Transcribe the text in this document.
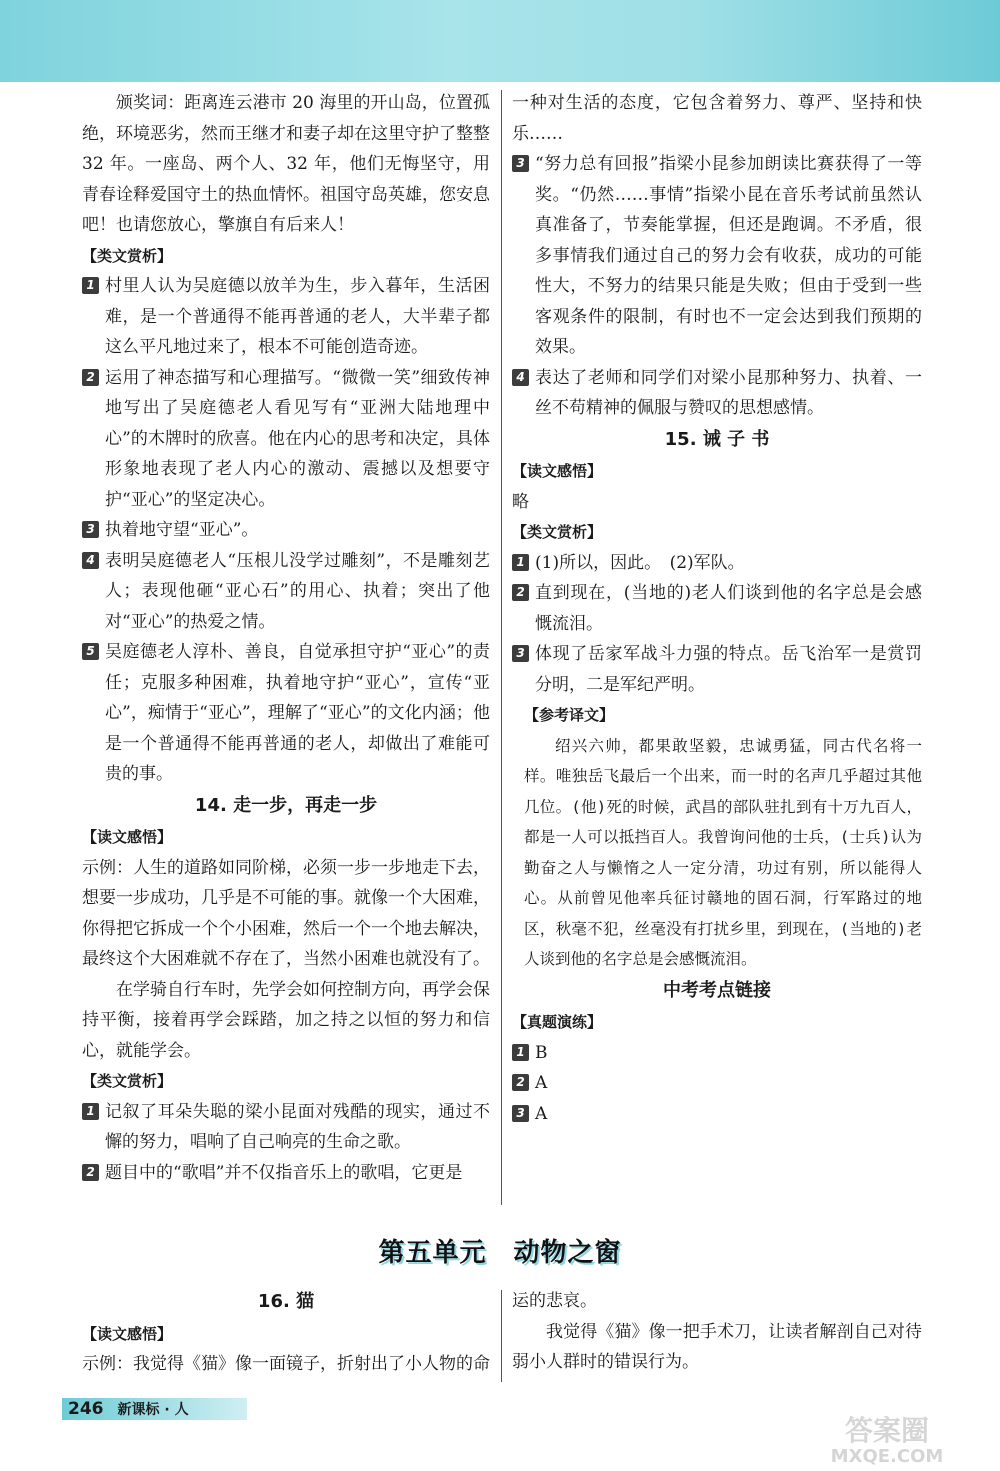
颁奖词：距离连云港市 20 海里的开山岛，位置孤绝，环境恶劣，然而王继才和妻子却在这里守护了整整 32 年。一座岛、两个人、32 年，他们无悔坚守，用青春诠释爱国守土的热血情怀。祖国守岛英雄，您安息吧！也请您放心，擎旗自有后来人！

【类文赏析】

1 村里人认为吴庭德以放羊为生，步入暮年，生活困难，是一个普通得不能再普通的老人，大半辈子都这么平凡地过来了，根本不可能创造奇迹。
2 运用了神态描写和心理描写。“微微一笑”细致传神地写出了吴庭德老人看见写有“亚洲大陆地理中心”的木牌时的欣喜。他在内心的思考和决定，具体形象地表现了老人内心的激动、震撼以及想要守护“亚心”的坚定决心。
3 执着地守望“亚心”。
4 表明吴庭德老人“压根儿没学过雕刻”，不是雕刻艺人；表现他砸“亚心石”的用心、执着；突出了他对“亚心”的热爱之情。
5 吴庭德老人淳朴、善良，自觉承担守护“亚心”的责任；克服多种困难，执着地守护“亚心”，宣传“亚心”，痴情于“亚心”，理解了“亚心”的文化内涵；他是一个普通得不能再普通的老人，却做出了难能可贵的事。

14. 走一步，再走一步

【读文感悟】

示例：人生的道路如同阶梯，必须一步一步地走下去，想要一步成功，几乎是不可能的事。就像一个大困难，你得把它拆成一个个小困难，然后一个一个地去解决，最终这个大困难就不存在了，当然小困难也就没有了。

在学骑自行车时，先学会如何控制方向，再学会保持平衡，接着再学会踩踏，加之持之以恒的努力和信心，就能学会。

【类文赏析】

1 记叙了耳朵失聪的梁小昆面对残酷的现实，通过不懈的努力，唱响了自己响亮的生命之歌。
2 题目中的“歌唱”并不仅指音乐上的歌唱，它更是

一种对生活的态度，它包含着努力、尊严、坚持和快乐……

3 “努力总有回报”指梁小昆参加朗读比赛获得了一等奖。“仍然……事情”指梁小昆在音乐考试前虽然认真准备了，节奏能掌握，但还是跑调。不矛盾，很多事情我们通过自己的努力会有收获，成功的可能性大，不努力的结果只能是失败；但由于受到一些客观条件的限制，有时也不一定会达到我们预期的效果。
4 表达了老师和同学们对梁小昆那种努力、执着、一丝不苟精神的佩服与赞叹的思想感情。

15. 诫 子 书

【读文感悟】

略

【类文赏析】

1 (1)所以，因此。　(2)军队。
2 直到现在，(当地的)老人们谈到他的名字总是会感慨流泪。
3 体现了岳家军战斗力强的特点。岳飞治军一是赏罚分明，二是军纪严明。

【参考译文】

绍兴六帅，都果敢坚毅，忠诚勇猛，同古代名将一样。唯独岳飞最后一个出来，而一时的名声几乎超过其他几位。(他)死的时候，武昌的部队驻扎到有十万九百人，都是一人可以抵挡百人。我曾询问他的士兵，(士兵)认为勤奋之人与懒惰之人一定分清，功过有别，所以能得人心。从前曾见他率兵征讨赣地的固石洞，行军路过的地区，秋毫不犯，丝毫没有打扰乡里，到现在，(当地的)老人谈到他的名字总是会感慨流泪。

中考考点链接

【真题演练】

1 B
2 A
3 A
第五单元　动物之窗

16. 猫

【读文感悟】

示例：我觉得《猫》像一面镜子，折射出了小人物的命

运的悲哀。

我觉得《猫》像一把手术刀，让读者解剖自己对待弱小人群时的错误行为。

246 新课标 · 人
答案圈
MXQE.COM
